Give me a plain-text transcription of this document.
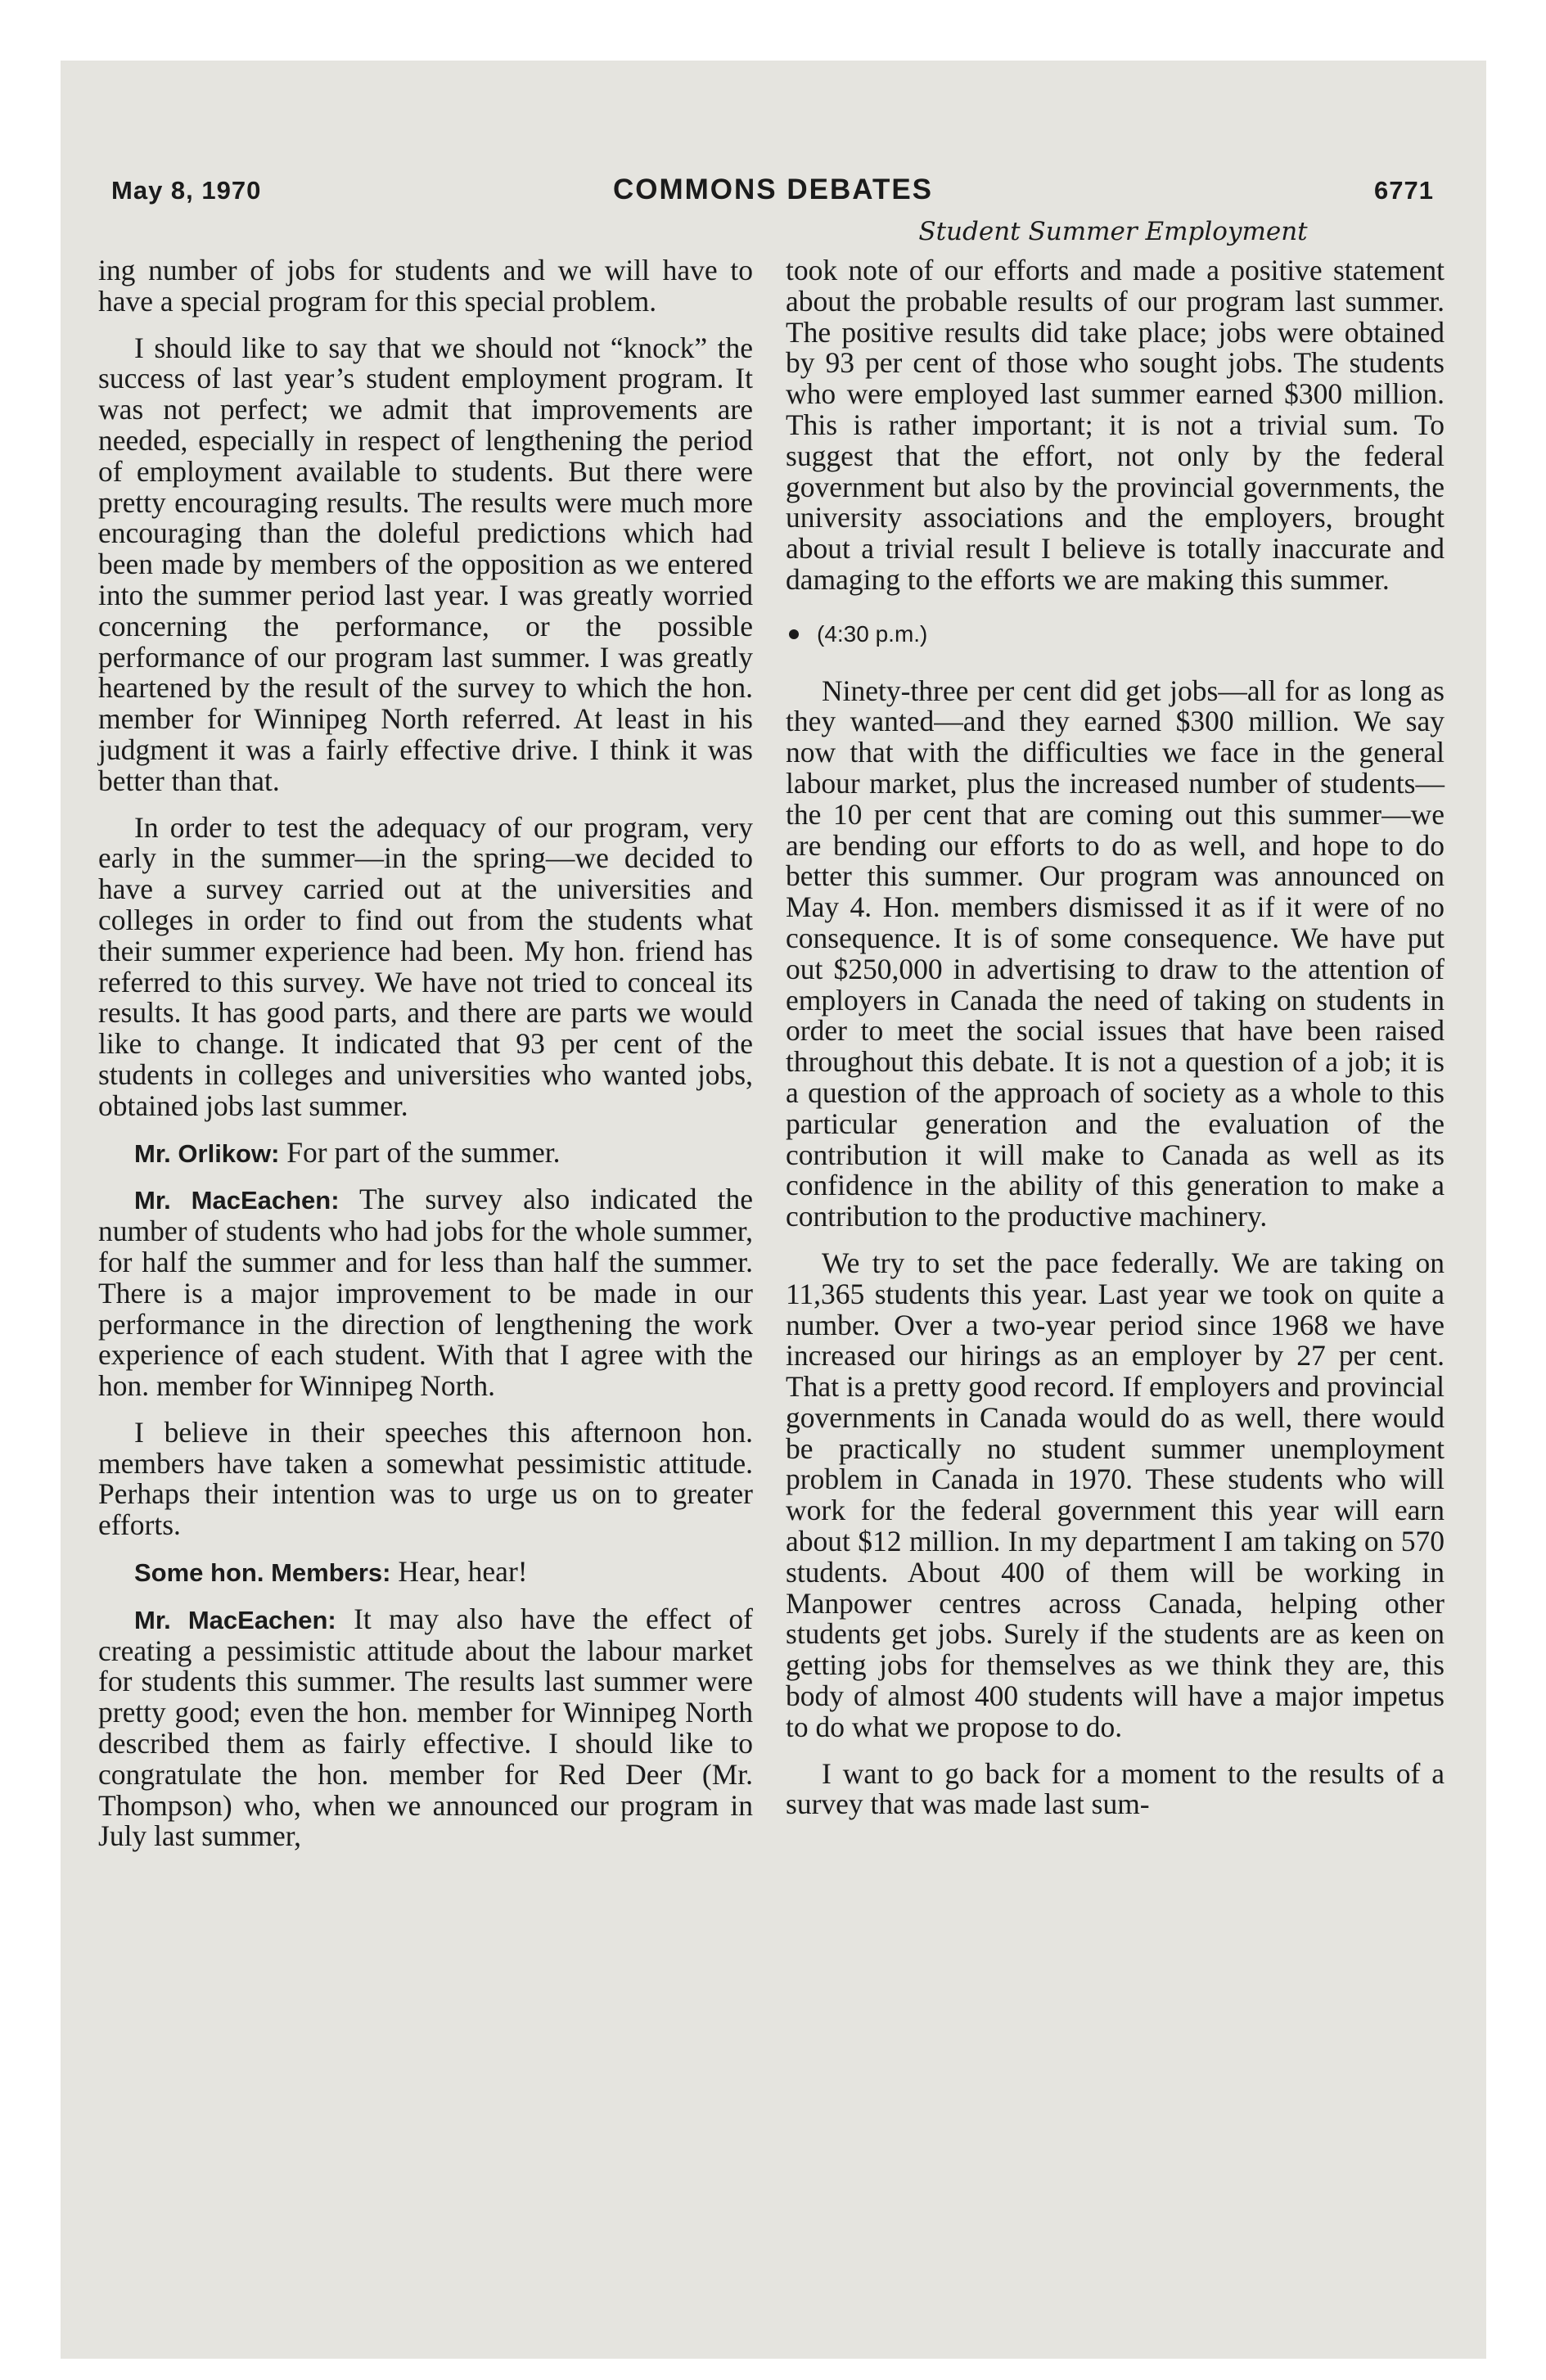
May 8, 1970	COMMONS DEBATES	6771
Student Summer Employment

ing number of jobs for students and we will have to have a special program for this special problem.

I should like to say that we should not “knock” the success of last year’s student employment program. It was not perfect; we admit that improvements are needed, especially in respect of lengthening the period of employment available to students. But there were pretty encouraging results. The results were much more encouraging than the doleful predictions which had been made by members of the opposition as we entered into the summer period last year. I was greatly worried concerning the performance, or the possible performance of our program last summer. I was greatly heartened by the result of the survey to which the hon. member for Winnipeg North referred. At least in his judgment it was a fairly effective drive. I think it was better than that.

In order to test the adequacy of our program, very early in the summer—in the spring—we decided to have a survey carried out at the universities and colleges in order to find out from the students what their summer experience had been. My hon. friend has referred to this survey. We have not tried to conceal its results. It has good parts, and there are parts we would like to change. It indicated that 93 per cent of the students in colleges and universities who wanted jobs, obtained jobs last summer.

Mr. Orlikow: For part of the summer.

Mr. MacEachen: The survey also indicated the number of students who had jobs for the whole summer, for half the summer and for less than half the summer. There is a major improvement to be made in our performance in the direction of lengthening the work experience of each student. With that I agree with the hon. member for Winnipeg North.

I believe in their speeches this afternoon hon. members have taken a somewhat pessimistic attitude. Perhaps their intention was to urge us on to greater efforts.

Some hon. Members: Hear, hear!

Mr. MacEachen: It may also have the effect of creating a pessimistic attitude about the labour market for students this summer. The results last summer were pretty good; even the hon. member for Winnipeg North described them as fairly effective. I should like to congratulate the hon. member for Red Deer (Mr. Thompson) who, when we announced our program in July last summer,

took note of our efforts and made a positive statement about the probable results of our program last summer. The positive results did take place; jobs were obtained by 93 per cent of those who sought jobs. The students who were employed last summer earned $300 million. This is rather important; it is not a trivial sum. To suggest that the effort, not only by the federal government but also by the provincial governments, the university associations and the employers, brought about a trivial result I believe is totally inaccurate and damaging to the efforts we are making this summer.

(4:30 p.m.)

Ninety-three per cent did get jobs—all for as long as they wanted—and they earned $300 million. We say now that with the difficulties we face in the general labour market, plus the increased number of students—the 10 per cent that are coming out this summer—we are bending our efforts to do as well, and hope to do better this summer. Our program was announced on May 4. Hon. members dismissed it as if it were of no consequence. It is of some consequence. We have put out $250,000 in advertising to draw to the attention of employers in Canada the need of taking on students in order to meet the social issues that have been raised throughout this debate. It is not a question of a job; it is a question of the approach of society as a whole to this particular generation and the evaluation of the contribution it will make to Canada as well as its confidence in the ability of this generation to make a contribution to the productive machinery.

We try to set the pace federally. We are taking on 11,365 students this year. Last year we took on quite a number. Over a two-year period since 1968 we have increased our hirings as an employer by 27 per cent. That is a pretty good record. If employers and provincial governments in Canada would do as well, there would be practically no student summer unemployment problem in Canada in 1970. These students who will work for the federal government this year will earn about $12 million. In my department I am taking on 570 students. About 400 of them will be working in Manpower centres across Canada, helping other students get jobs. Surely if the students are as keen on getting jobs for themselves as we think they are, this body of almost 400 students will have a major impetus to do what we propose to do.

I want to go back for a moment to the results of a survey that was made last sum-
